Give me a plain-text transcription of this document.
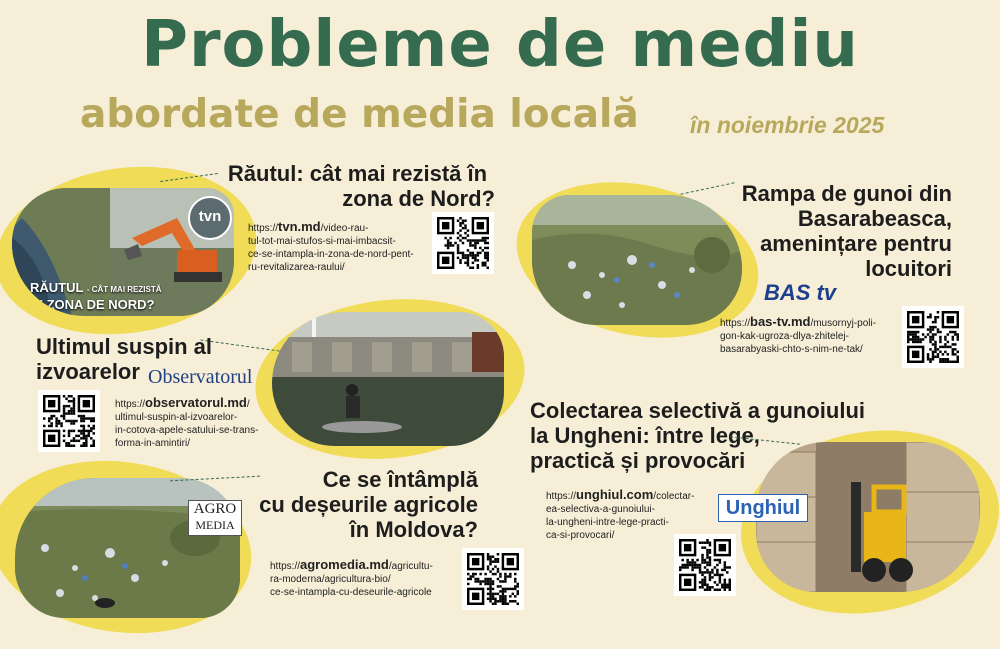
Probleme de mediu
abordate de media locală în noiembrie 2025
tvn
RĂUTUL - CÂT MAI REZISTĂ
ÎN ZONA DE NORD?
Răutul: cât mai rezistă în
zona de Nord?
https://tvn.md/video-rau-
tul-tot-mai-stufos-si-mai-imbacsit-
ce-se-intampla-in-zona-de-nord-pent-
ru-revitalizarea-raului/
Rampa de gunoi din
Basarabeasca,
amenințare pentru
locuitori
BAS tv
https://bas-tv.md/musornyj-poli-
gon-kak-ugroza-dlya-zhitelej-
basarabyaski-chto-s-nim-ne-tak/
Ultimul suspin al
izvoarelor Observatorul
https://observatorul.md/
ultimul-suspin-al-izvoarelor-
in-cotova-apele-satului-se-trans-
forma-in-amintiri/
Colectarea selectivă a gunoiului
la Ungheni: între lege,
practică și provocări
Unghiul
https://unghiul.com/colectar-
ea-selectiva-a-gunoiului-
la-ungheni-intre-lege-practi-
ca-si-provocari/
AGRO
MEDIA
Ce se întâmplă
cu deșeurile agricole
în Moldova?
https://agromedia.md/agricultu-
ra-moderna/agricultura-bio/
ce-se-intampla-cu-deseurile-agricole
